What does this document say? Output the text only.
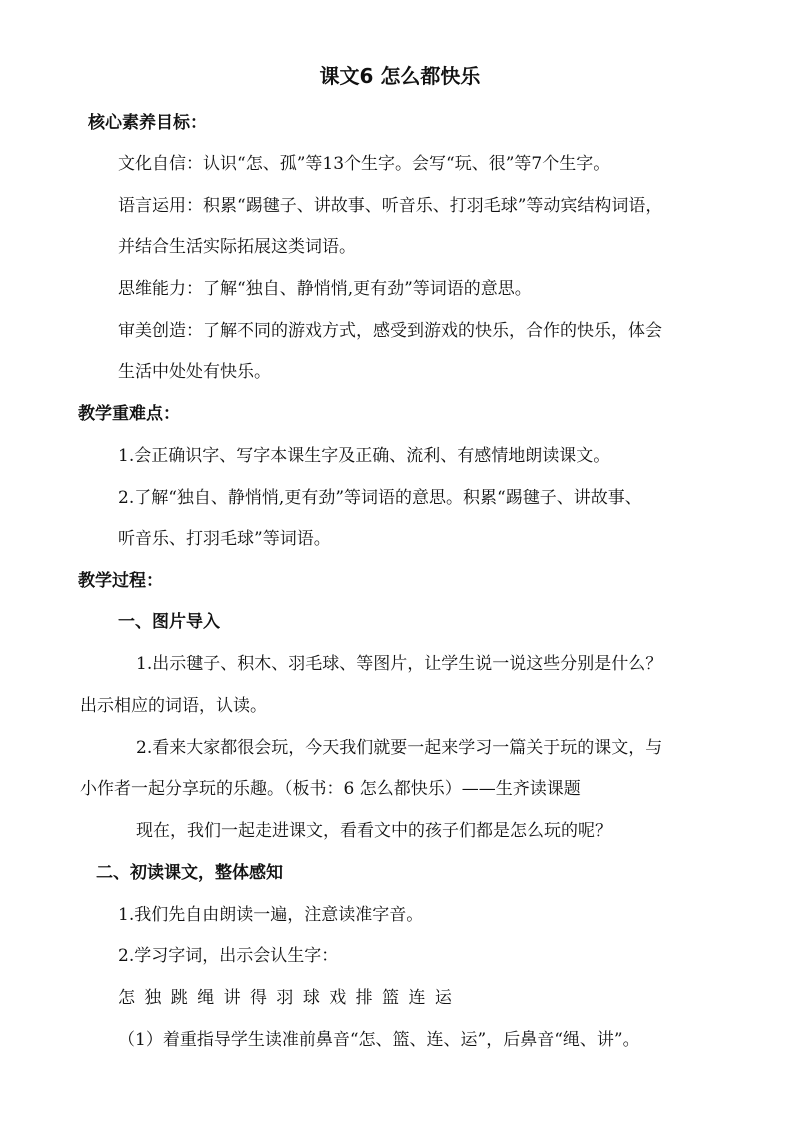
课文6 怎么都快乐
核心素养目标：
文化自信：认识“怎、孤”等13个生字。会写“玩、很”等7个生字。
语言运用：积累“踢毽子、讲故事、听音乐、打羽毛球”等动宾结构词语，
并结合生活实际拓展这类词语。
思维能力：了解“独自、静悄悄,更有劲”等词语的意思。
审美创造：了解不同的游戏方式，感受到游戏的快乐，合作的快乐，体会
生活中处处有快乐。
教学重难点：
1.会正确识字、写字本课生字及正确、流利、有感情地朗读课文。
2.了解“独自、静悄悄,更有劲”等词语的意思。积累“踢毽子、讲故事、
听音乐、打羽毛球”等词语。
教学过程：
一、图片导入
1.出示毽子、积木、羽毛球、等图片，让学生说一说这些分别是什么？
出示相应的词语，认读。
2.看来大家都很会玩，今天我们就要一起来学习一篇关于玩的课文，与
小作者一起分享玩的乐趣。（板书：6 怎么都快乐）——生齐读课题
现在，我们一起走进课文，看看文中的孩子们都是怎么玩的呢？
二、初读课文，整体感知
1.我们先自由朗读一遍，注意读准字音。
2.学习字词，出示会认生字：
怎 独 跳 绳 讲 得 羽 球 戏 排 篮 连 运
（1）着重指导学生读准前鼻音“怎、篮、连、运”，后鼻音“绳、讲”。
